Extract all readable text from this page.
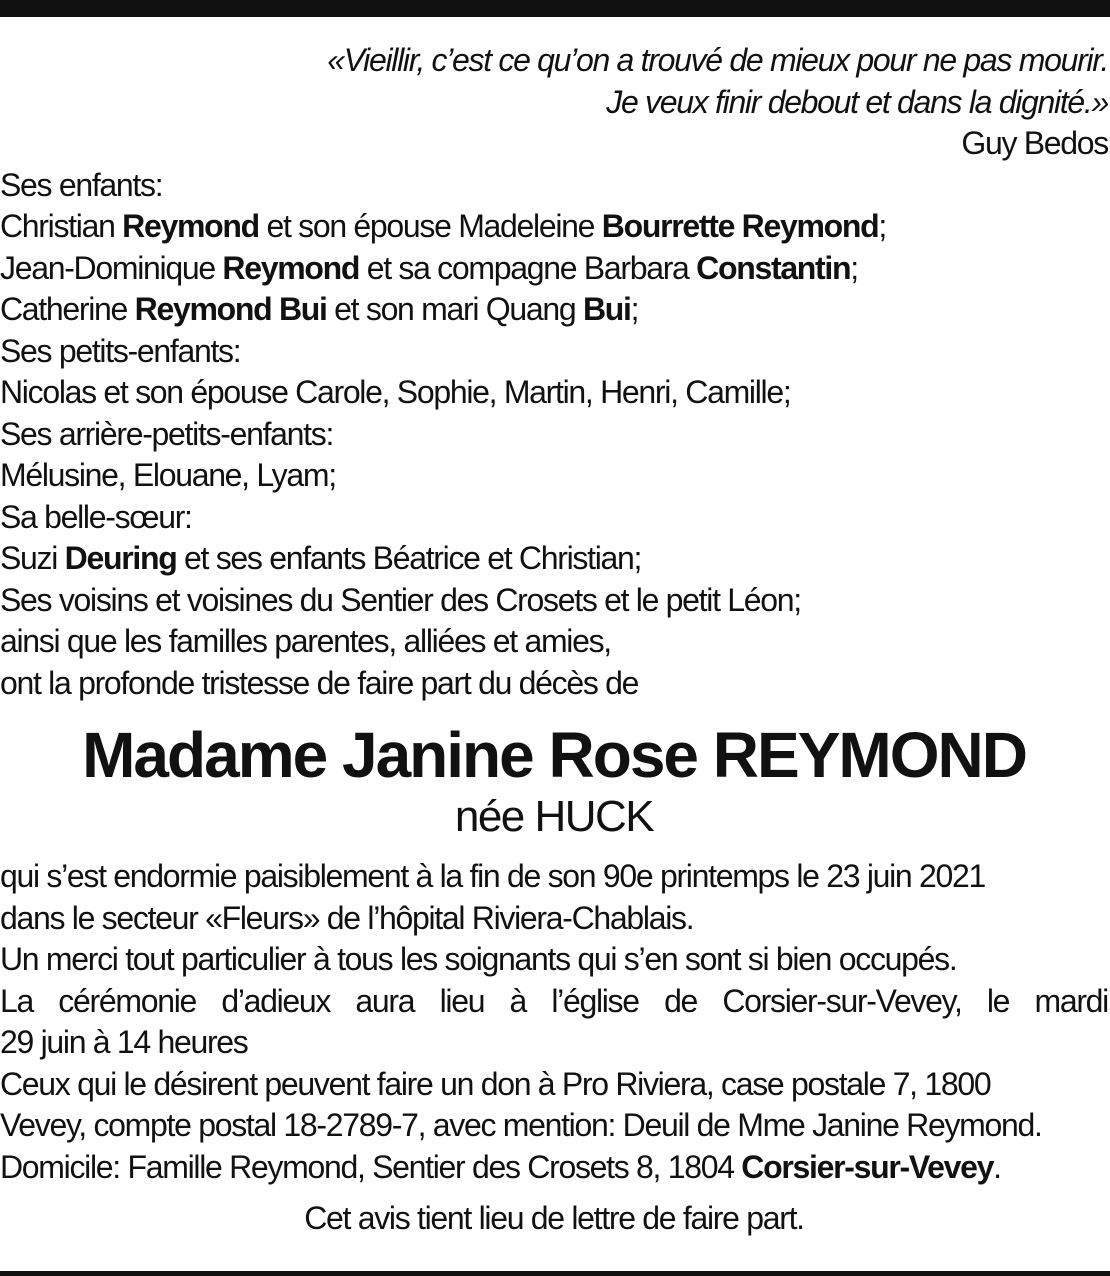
«Vieillir, c’est ce qu’on a trouvé de mieux pour ne pas mourir.
Je veux finir debout et dans la dignité.»
Guy Bedos
Ses enfants:
Christian Reymond et son épouse Madeleine Bourrette Reymond;
Jean-Dominique Reymond et sa compagne Barbara Constantin;
Catherine Reymond Bui et son mari Quang Bui;
Ses petits-enfants:
Nicolas et son épouse Carole, Sophie, Martin, Henri, Camille;
Ses arrière-petits-enfants:
Mélusine, Elouane, Lyam;
Sa belle-sœur:
Suzi Deuring et ses enfants Béatrice et Christian;
Ses voisins et voisines du Sentier des Crosets et le petit Léon;
ainsi que les familles parentes, alliées et amies,
ont la profonde tristesse de faire part du décès de
Madame Janine Rose REYMOND
née HUCK
qui s’est endormie paisiblement à la fin de son 90e printemps le 23 juin 2021
dans le secteur «Fleurs» de l’hôpital Riviera-Chablais.
Un merci tout particulier à tous les soignants qui s’en sont si bien occupés.
La cérémonie d’adieux aura lieu à l’église de Corsier-sur-Vevey, le mardi
29 juin à 14 heures
Ceux qui le désirent peuvent faire un don à Pro Riviera, case postale 7, 1800
Vevey, compte postal 18-2789-7, avec mention: Deuil de Mme Janine Reymond.
Domicile: Famille Reymond, Sentier des Crosets 8, 1804 Corsier-sur-Vevey.
Cet avis tient lieu de lettre de faire part.
